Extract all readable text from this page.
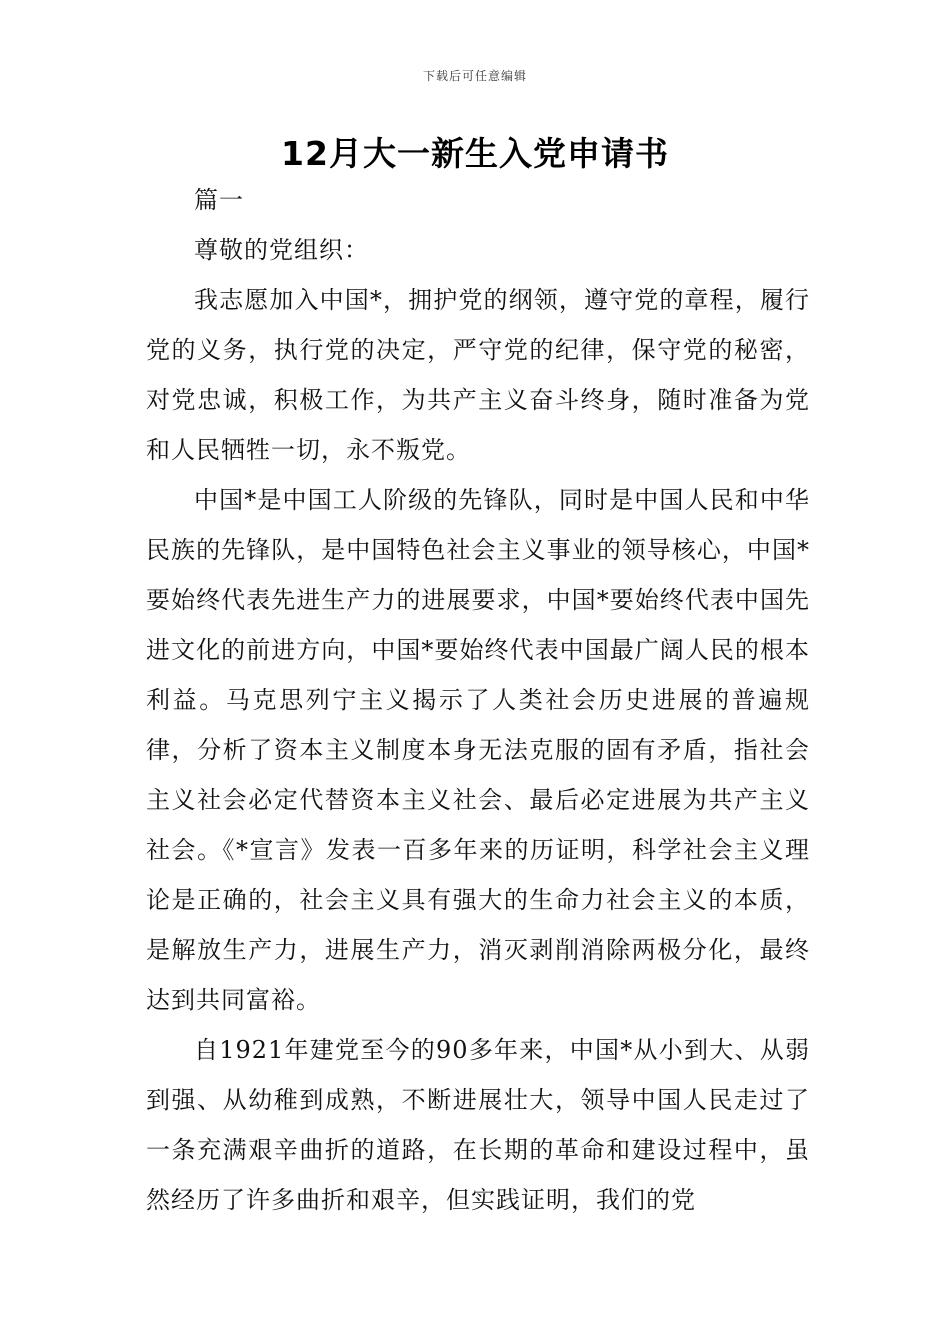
下载后可任意编辑
12月大一新生入党申请书

篇一

尊敬的党组织：

我志愿加入中国*，拥护党的纲领，遵守党的章程，履行党的义务，执行党的决定，严守党的纪律，保守党的秘密，对党忠诚，积极工作，为共产主义奋斗终身，随时准备为党和人民牺牲一切，永不叛党。

中国*是中国工人阶级的先锋队，同时是中国人民和中华民族的先锋队，是中国特色社会主义事业的领导核心，中国*要始终代表先进生产力的进展要求，中国*要始终代表中国先进文化的前进方向，中国*要始终代表中国最广阔人民的根本利益。马克思列宁主义揭示了人类社会历史进展的普遍规律，分析了资本主义制度本身无法克服的固有矛盾，指社会主义社会必定代替资本主义社会、最后必定进展为共产主义社会。《*宣言》发表一百多年来的历证明，科学社会主义理论是正确的，社会主义具有强大的生命力社会主义的本质，是解放生产力，进展生产力，消灭剥削消除两极分化，最终达到共同富裕。

自1921年建党至今的90多年来，中国*从小到大、从弱到强、从幼稚到成熟，不断进展壮大，领导中国人民走过了一条充满艰辛曲折的道路，在长期的革命和建设过程中，虽然经历了许多曲折和艰辛，但实践证明，我们的党
